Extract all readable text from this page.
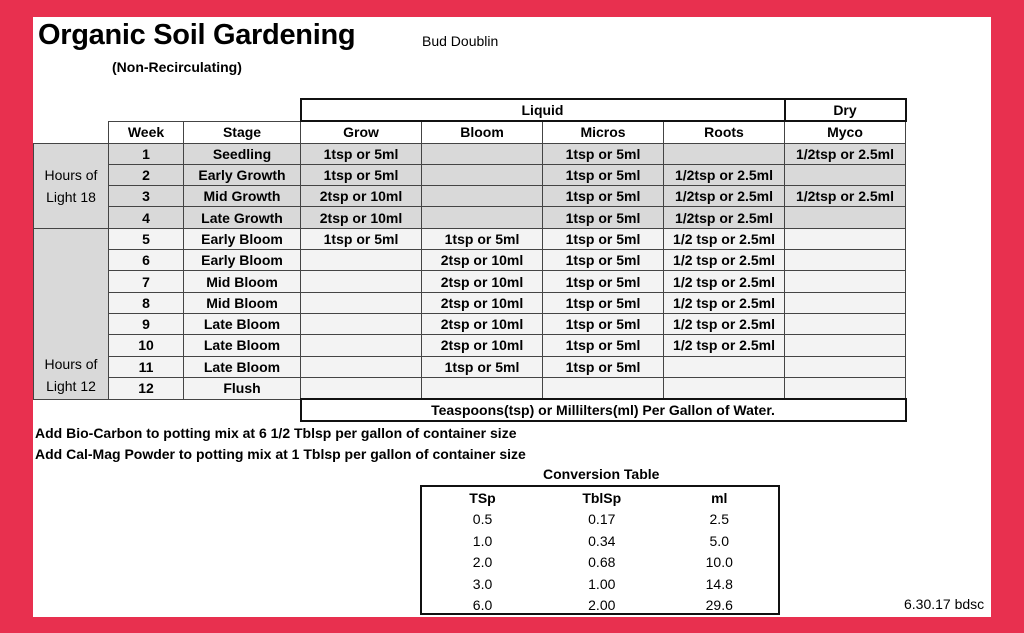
Organic Soil Gardening	Bud Doublin
(Non-Recirculating)
			Liquid				Dry
	Week	Stage	Grow	Bloom	Micros	Roots	Myco
Hours of Light 18	1	Seedling	1tsp or 5ml		1tsp or 5ml		1/2tsp or 2.5ml
	2	Early Growth	1tsp or 5ml		1tsp or 5ml	1/2tsp or 2.5ml	
	3	Mid Growth	2tsp or 10ml		1tsp or 5ml	1/2tsp or 2.5ml	1/2tsp or 2.5ml
	4	Late Growth	2tsp or 10ml		1tsp or 5ml	1/2tsp or 2.5ml	
Hours of Light 12	5	Early Bloom	1tsp or 5ml	1tsp or 5ml	1tsp or 5ml	1/2 tsp or 2.5ml	
	6	Early Bloom		2tsp or 10ml	1tsp or 5ml	1/2 tsp or 2.5ml	
	7	Mid Bloom		2tsp or 10ml	1tsp or 5ml	1/2 tsp or 2.5ml	
	8	Mid Bloom		2tsp or 10ml	1tsp or 5ml	1/2 tsp or 2.5ml	
	9	Late Bloom		2tsp or 10ml	1tsp or 5ml	1/2 tsp or 2.5ml	
	10	Late Bloom		2tsp or 10ml	1tsp or 5ml	1/2 tsp or 2.5ml	
	11	Late Bloom		1tsp or 5ml	1tsp or 5ml		
	12	Flush					
			Teaspoons(tsp) or Millilters(ml) Per Gallon of Water.				
Add Bio-Carbon to potting mix at 6 1/2 Tblsp per gallon of container size
Add Cal-Mag Powder to potting mix at 1 Tblsp per gallon of container size
Conversion Table
TSp	TblSp	ml
0.5	0.17	2.5
1.0	0.34	5.0
2.0	0.68	10.0
3.0	1.00	14.8
6.0	2.00	29.6	6.30.17 bdsc
